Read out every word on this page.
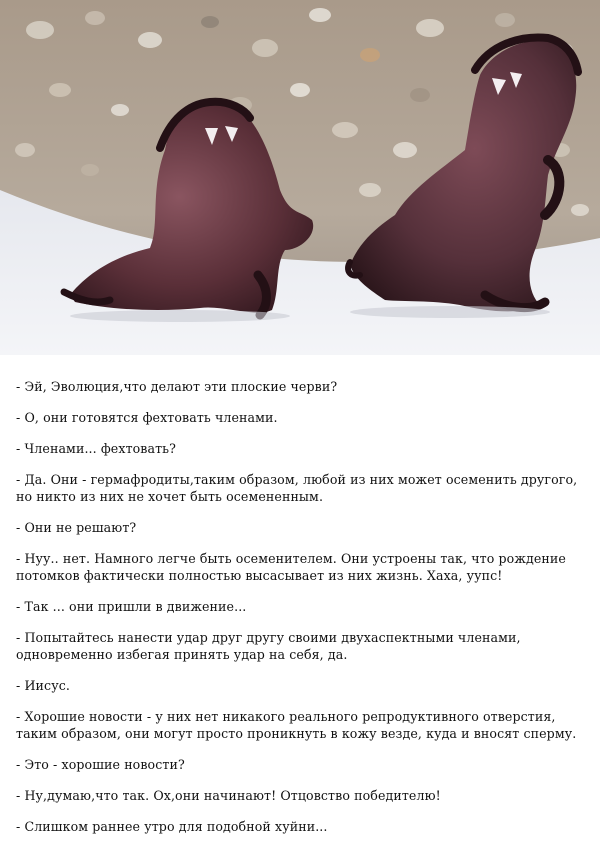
- Эй, Эволюция,что делают эти плоские черви?

- О, они готовятся фехтовать членами.

- Членами... фехтовать?

- Да. Они - гермафродиты,таким образом, любой из них может осеменить другого, но никто из них не хочет быть осемененным.

- Они не решают?

- Нуу.. нет. Намного легче быть осеменителем. Они устроены так, что рождение потомков фактически полностью высасывает из них жизнь. Хаха, уупс!

- Так ... они пришли в движение...

- Попытайтесь нанести удар друг другу своими двухаспектными членами, одновременно избегая принять удар на себя, да.

- Иисус.

- Хорошие новости - у них нет никакого реального репродуктивного отверстия, таким образом, они могут просто проникнуть в кожу везде, куда и вносят сперму.

- Это - хорошие новости?

- Ну,думаю,что так. Ох,они начинают! Отцовство победителю!

- Слишком раннее утро для подобной хуйни...
